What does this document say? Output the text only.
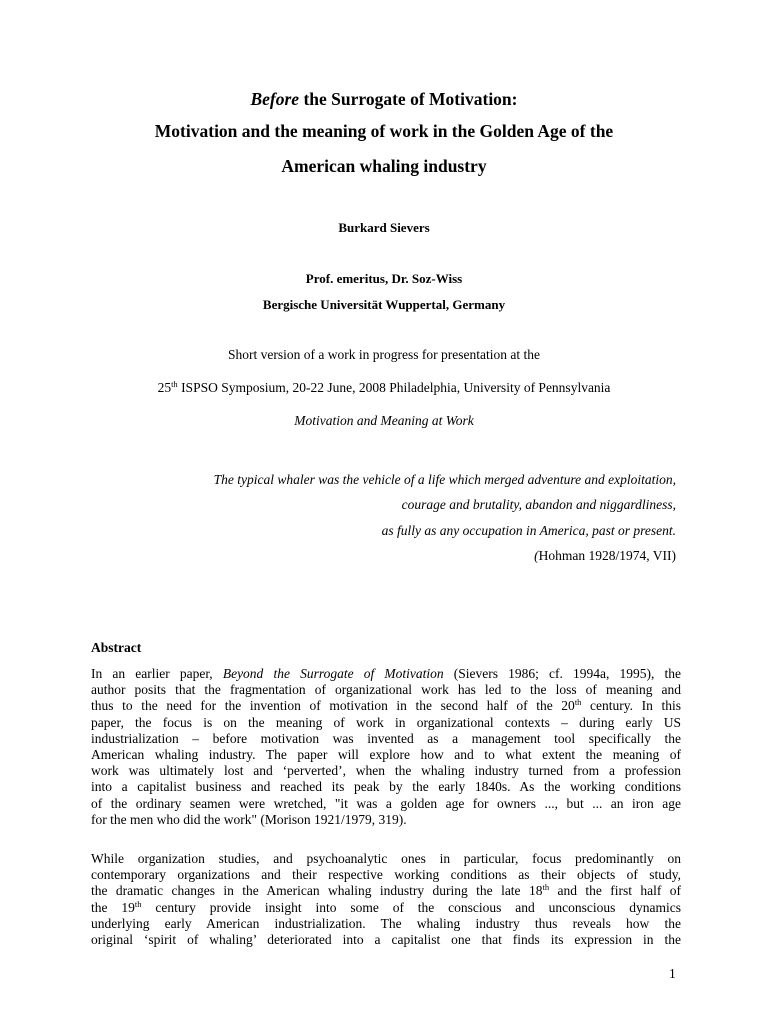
Before the Surrogate of Motivation:
Motivation and the meaning of work in the Golden Age of the
American whaling industry
Burkard Sievers
Prof. emeritus, Dr. Soz-Wiss
Bergische Universität Wuppertal, Germany
Short version of a work in progress for presentation at the
25th ISPSO Symposium, 20-22 June, 2008 Philadelphia, University of Pennsylvania
Motivation and Meaning at Work
The typical whaler was the vehicle of a life which merged adventure and exploitation,
courage and brutality, abandon and niggardliness,
as fully as any occupation in America, past or present.
(Hohman 1928/1974, VII)
Abstract
In an earlier paper, Beyond the Surrogate of Motivation (Sievers 1986; cf. 1994a, 1995), the
author posits that the fragmentation of organizational work has led to the loss of meaning and
thus to the need for the invention of motivation in the second half of the 20th century. In this
paper, the focus is on the meaning of work in organizational contexts – during early US
industrialization – before motivation was invented as a management tool specifically the
American whaling industry. The paper will explore how and to what extent the meaning of
work was ultimately lost and ‘perverted’, when the whaling industry turned from a profession
into a capitalist business and reached its peak by the early 1840s. As the working conditions
of the ordinary seamen were wretched, "it was a golden age for owners ..., but ... an iron age
for the men who did the work" (Morison 1921/1979, 319).
While organization studies, and psychoanalytic ones in particular, focus predominantly on
contemporary organizations and their respective working conditions as their objects of study,
the dramatic changes in the American whaling industry during the late 18th and the first half of
the 19th century provide insight into some of the conscious and unconscious dynamics
underlying early American industrialization. The whaling industry thus reveals how the
original ‘spirit of whaling’ deteriorated into a capitalist one that finds its expression in the
1
